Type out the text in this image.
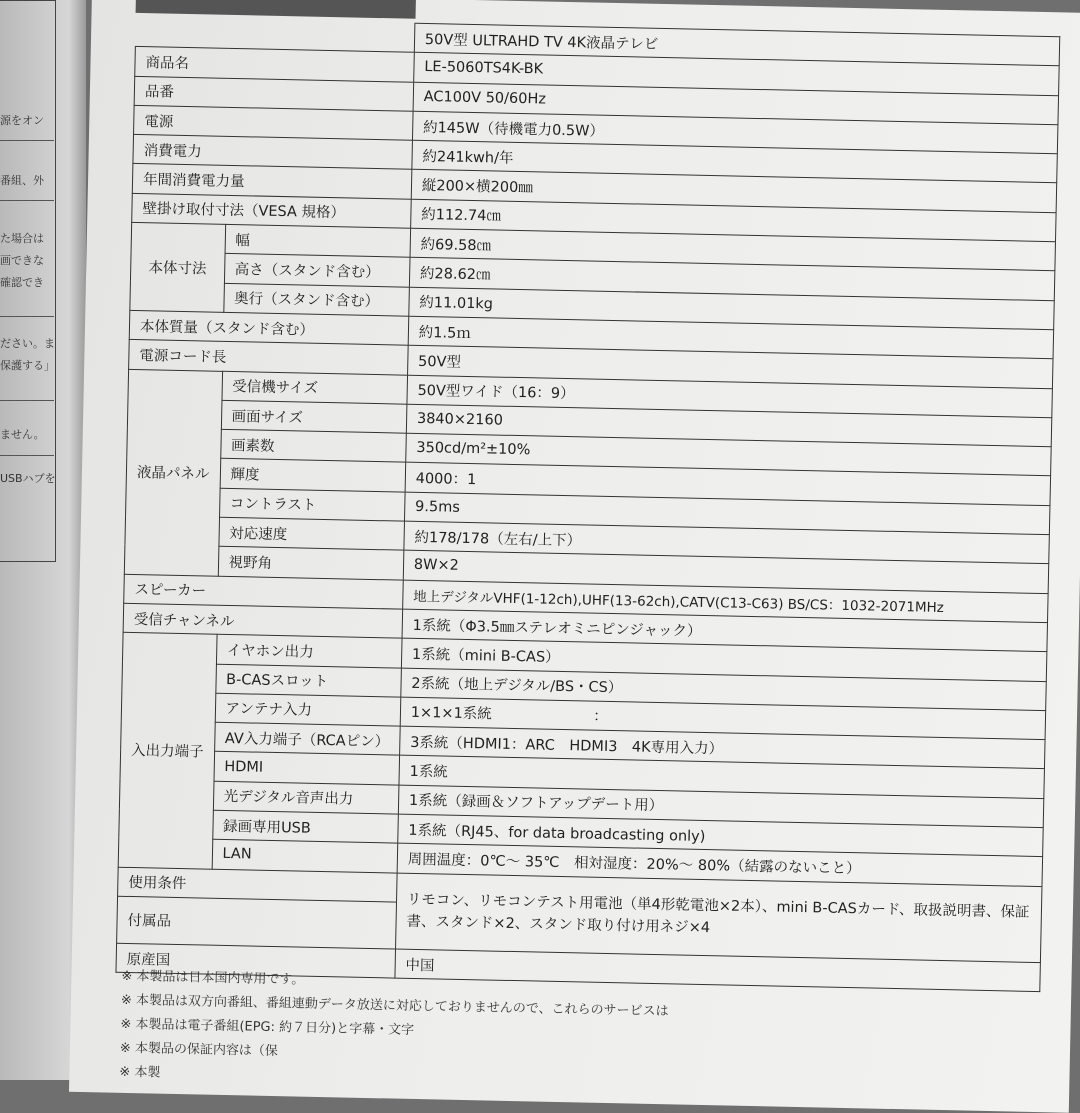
源をオン
番組、外
た場合は
画できな
確認でき
ださい。ま
保護する」
ません。
USBハブを
		50V型 ULTRAHD TV 4K液晶テレビ
商品名		LE-5060TS4K-BK
品番		AC100V 50/60Hz
電源		約145W（待機電力0.5W）
消費電力		約241kwh/年
年間消費電力量		縦200×横200㎜
壁掛け取付寸法（VESA 規格）		約112.74㎝
本体寸法	幅	約69.58㎝
	高さ（スタンド含む）	約28.62㎝
	奥行（スタンド含む）	約11.01kg
本体質量（スタンド含む）		約1.5ｍ
電源コード長		50V型
液晶パネル	受信機サイズ	50V型ワイド（16：9）
	画面サイズ	3840×2160
	画素数	350cd/m²±10%
	輝度	4000：1
	コントラスト	9.5ms
	対応速度	約178/178（左右/上下）
	視野角	8W×2
スピーカー		地上デジタルVHF(1-12ch),UHF(13-62ch),CATV(C13-C63) BS/CS：1032-2071MHz
受信チャンネル		1系統（Φ3.5㎜ステレオミニピンジャック）
入出力端子	イヤホン出力	1系統（mini B-CAS）
	B-CASスロット	2系統（地上デジタル/BS・CS）
	アンテナ入力	1×1×1系統　　　　　　　：
	AV入力端子（RCAピン）	3系統（HDMI1：ARC　HDMI3　4K専用入力）
	HDMI	1系統
	光デジタル音声出力	1系統（録画＆ソフトアップデート用）
	録画専用USB	1系統（RJ45、for data broadcasting only)
	LAN	周囲温度：0℃～ 35℃　相対湿度：20%～ 80%（結露のないこと）
使用条件		リモコン、リモコンテスト用電池（単4形乾電池×2本）、mini B-CASカード、取扱説明書、保証書、スタンド×2、スタンド取り付け用ネジ×4
付属品		
原産国		中国
※ 本製品は日本国内専用です。
※ 本製品は双方向番組、番組連動データ放送に対応しておりませんので、これらのサービスは
※ 本製品は電子番組(EPG: 約７日分)と字幕・文字
※ 本製品の保証内容は（保
※ 本製
